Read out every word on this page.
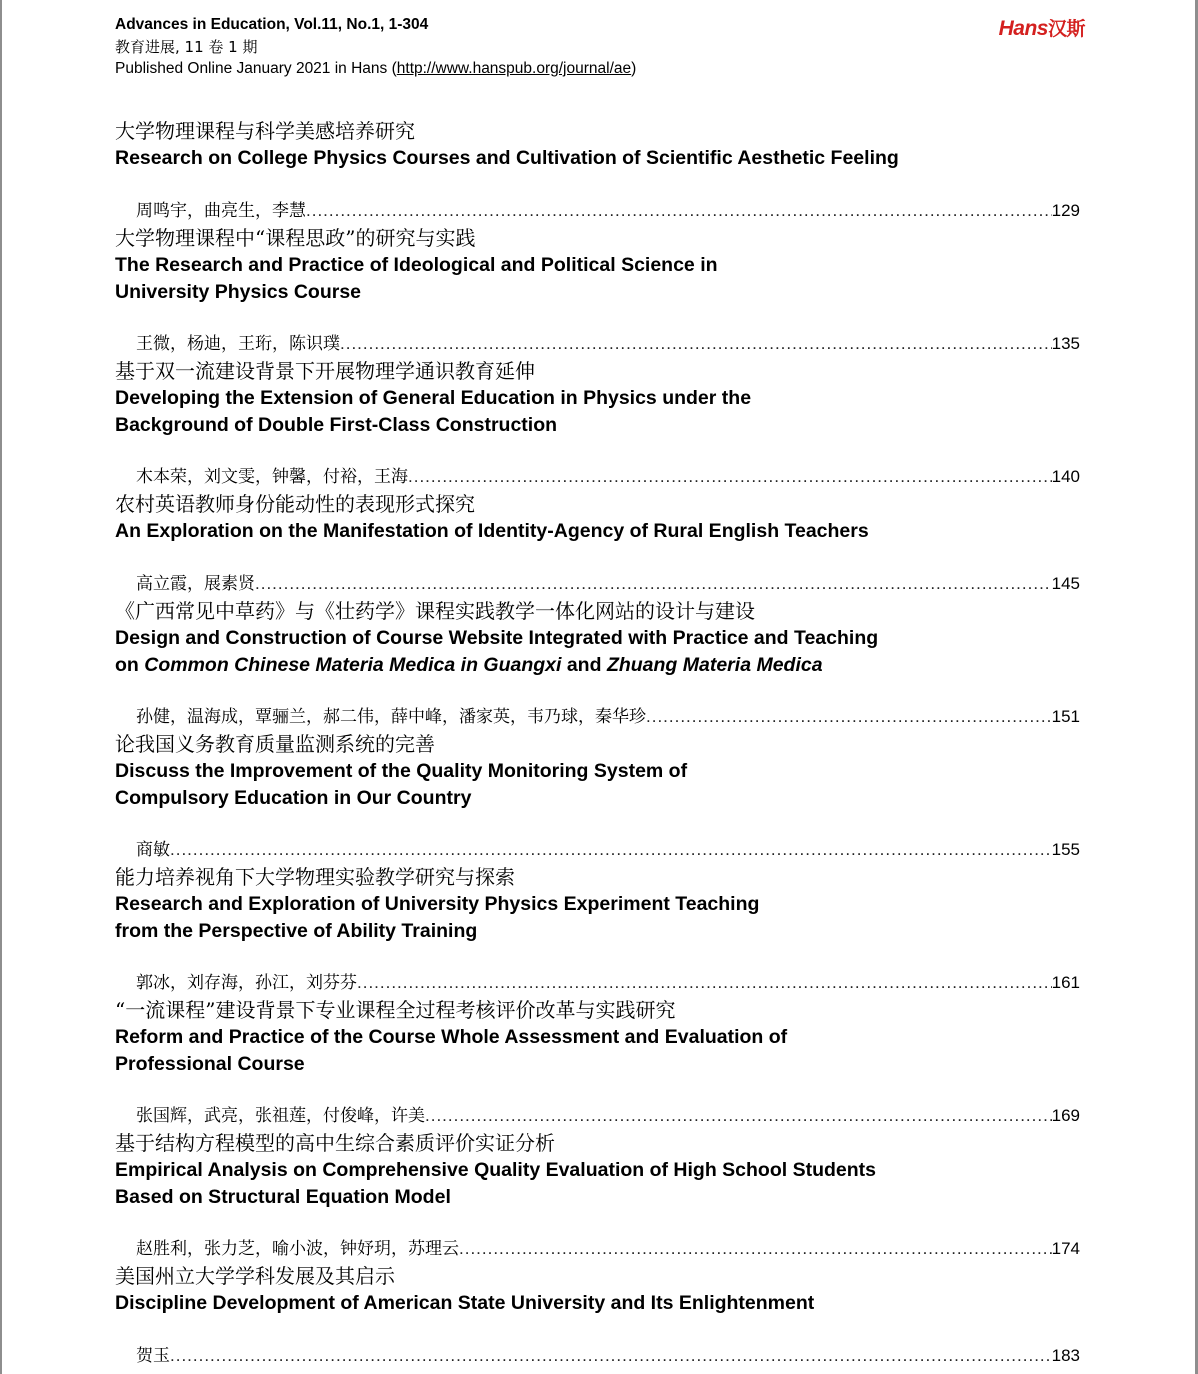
Advances in Education, Vol.11, No.1, 1-304
教育进展, 11 卷 1 期
Published Online January 2021 in Hans (http://www.hanspub.org/journal/ae)
Hans汉斯
大学物理课程与科学美感培养研究
Research on College Physics Courses and Cultivation of Scientific Aesthetic Feeling
周鸣宇，曲亮生，李慧 .....	129
大学物理课程中“课程思政”的研究与实践
The Research and Practice of Ideological and Political Science in
University Physics Course
王微，杨迪，王珩，陈识璞 .....	135
基于双一流建设背景下开展物理学通识教育延伸
Developing the Extension of General Education in Physics under the
Background of Double First-Class Construction
木本荣，刘文雯，钟馨，付裕，王海 .....	140
农村英语教师身份能动性的表现形式探究
An Exploration on the Manifestation of Identity-Agency of Rural English Teachers
高立霞，展素贤 .....	145
《广西常见中草药》与《壮药学》课程实践教学一体化网站的设计与建设
Design and Construction of Course Website Integrated with Practice and Teaching
on Common Chinese Materia Medica in Guangxi and Zhuang Materia Medica
孙健，温海成，覃骊兰，郝二伟，薛中峰，潘家英，韦乃球，秦华珍 .....	151
论我国义务教育质量监测系统的完善
Discuss the Improvement of the Quality Monitoring System of
Compulsory Education in Our Country
商敏 .....	155
能力培养视角下大学物理实验教学研究与探索
Research and Exploration of University Physics Experiment Teaching
from the Perspective of Ability Training
郭冰，刘存海，孙江，刘芬芬 .....	161
“一流课程”建设背景下专业课程全过程考核评价改革与实践研究
Reform and Practice of the Course Whole Assessment and Evaluation of
Professional Course
张国辉，武亮，张祖莲，付俊峰，许美 .....	169
基于结构方程模型的高中生综合素质评价实证分析
Empirical Analysis on Comprehensive Quality Evaluation of High School Students
Based on Structural Equation Model
赵胜利，张力芝，喻小波，钟妤玥，苏理云 .....	174
美国州立大学学科发展及其启示
Discipline Development of American State University and Its Enlightenment
贺玉 .....	183
